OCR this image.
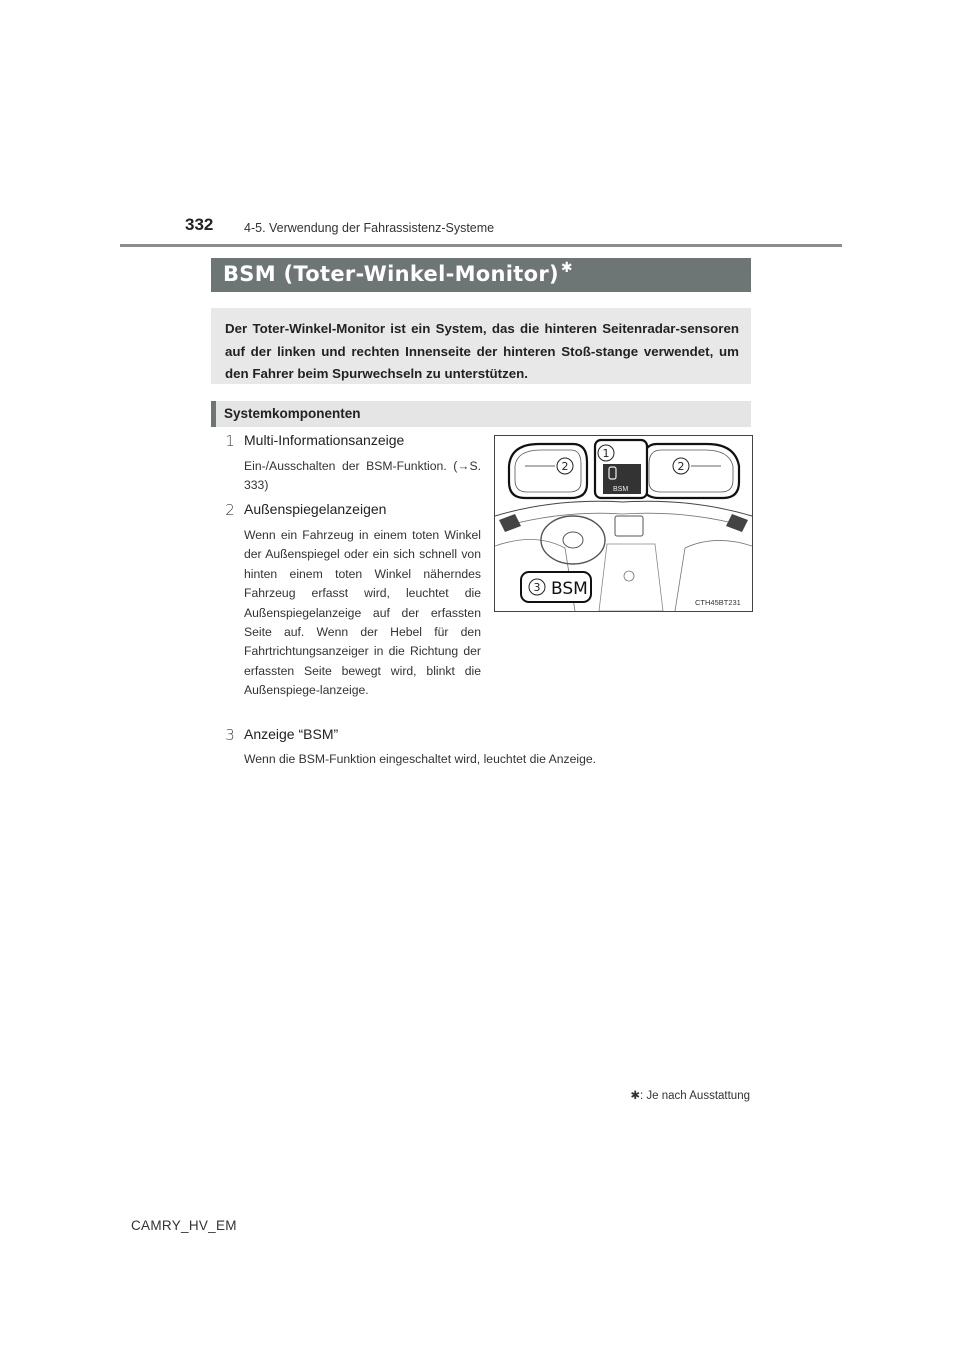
332 4-5. Verwendung der Fahrassistenz-Systeme
BSM (Toter-Winkel-Monitor) ✱
Der Toter-Winkel-Monitor ist ein System, das die hinteren Seitenradar-sensoren auf der linken und rechten Innenseite der hinteren Stoß-stange verwendet, um den Fahrer beim Spurwechseln zu unterstützen.
Systemkomponenten
1 Multi-Informationsanzeige
Ein-/Ausschalten der BSM-Funktion. (→S. 333)
2 Außenspiegelanzeigen
Wenn ein Fahrzeug in einem toten Winkel der Außenspiegel oder ein sich schnell von hinten einem toten Winkel näherndes Fahrzeug erfasst wird, leuchtet die Außenspiegelanzeige auf der erfassten Seite auf. Wenn der Hebel für den Fahrtrichtungsanzeiger in die Richtung der erfassten Seite bewegt wird, blinkt die Außenspiege-lanzeige.
3 Anzeige “BSM”
Wenn die BSM-Funktion eingeschaltet wird, leuchtet die Anzeige.
BSM
1
2	2
3 BSM
CTH45BT231
✱: Je nach Ausstattung
CAMRY_HV_EM
